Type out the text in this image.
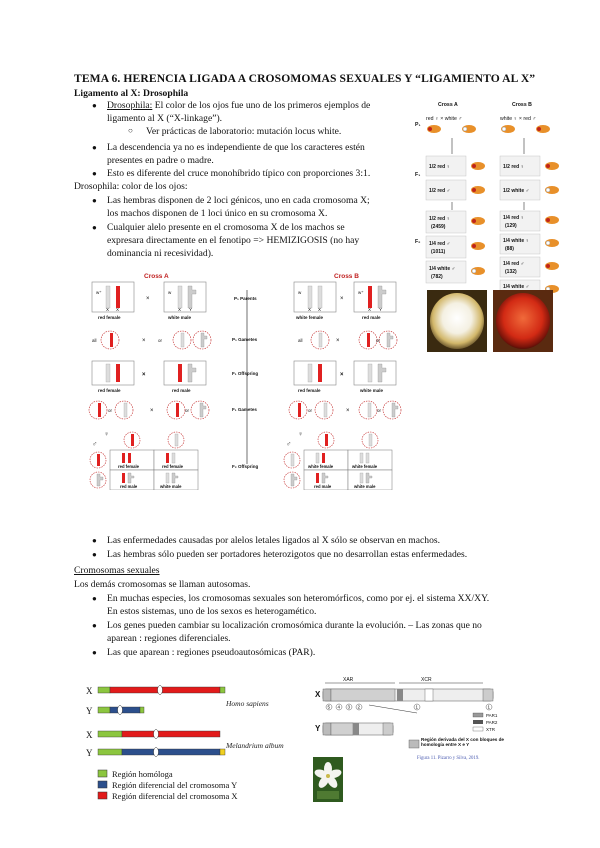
TEMA 6. HERENCIA LIGADA A CROSOMOMAS SEXUALES Y “LIGAMIENTO AL X”
Ligamento al X: Drosophila
● Drosophila: El color de los ojos fue uno de los primeros ejemplos de
ligamento al X (“X-linkage”).
○ Ver prácticas de laboratorio: mutación locus white.
● La descendencia ya no es independiente de que los caracteres estén
presentes en padre o madre.
● Esto es diferente del cruce monohíbrido típico con proporciones 3:1.
Drosophila: color de los ojos:
● Las hembras disponen de 2 loci génicos, uno en cada cromosoma X;
los machos disponen de 1 loci único en su cromosoma X.
● Cualquier alelo presente en el cromosoma X de los machos se
expresara directamente en el fenotipo => HEMIZIGOSIS (no hay
dominancia ni recesividad).
Cross A	Cross B
P₁
F₁
F₂
red ♀ × white ♂	white ♀ × red ♂
1/2 red ♀
1/2 red ♂
1/2 red ♀
1/2 white ♂
1/2 red ♀
(2459)
1/4 red ♂
(1011)
1/4 white ♂
(782)
1/4 red ♀
(129)
1/4 white ♀
(88)
1/4 red ♂
(132)
1/4 white ♂
Cross A	Cross B
w⁺	w	w	w⁺
X X	X Y	X X	X Y
red female	white male	white female	red male
×	×
P₁ Parents
P₁ Gametes
F₁ Offspring
F₁ Gametes
F₂ Offspring
all	or	all	or
×	×
red female	red male	red female	white male
×	×
or	or	or	or
×	×
red female	red female
red male	white male
white female	white female
red male	white male
♀
♂
♀
♂
● Las enfermedades causadas por alelos letales ligados al X sólo se observan en machos.
● Las hembras sólo pueden ser portadores heterozigotos que no desarrollan estas enfermedades.
Cromosomas sexuales
Los demás cromosomas se llaman autosomas.
● En muchas especies, los cromosomas sexuales son heteromórficos, como por ej. el sistema XX/XY.
En estos sistemas, uno de los sexos es heterogamético.
● Los genes pueden cambiar su localización cromosómica durante la evolución. – Las zonas que no
aparean : regiones diferenciales.
● Las que aparean : regiones pseudoautosómicas (PAR).
X
Y
X
Y
Homo sapiens
Melandrium album
Región homóloga
Región diferencial del cromosoma Y
Región diferencial del cromosoma X
XAR	XCR
X
5 4 3 2	1	1
Y
PAR1
PAR2
XTR
Región derivada del X con bloques de homología entre X e Y
Figura 11. Pizarro y Silva, 2019.
